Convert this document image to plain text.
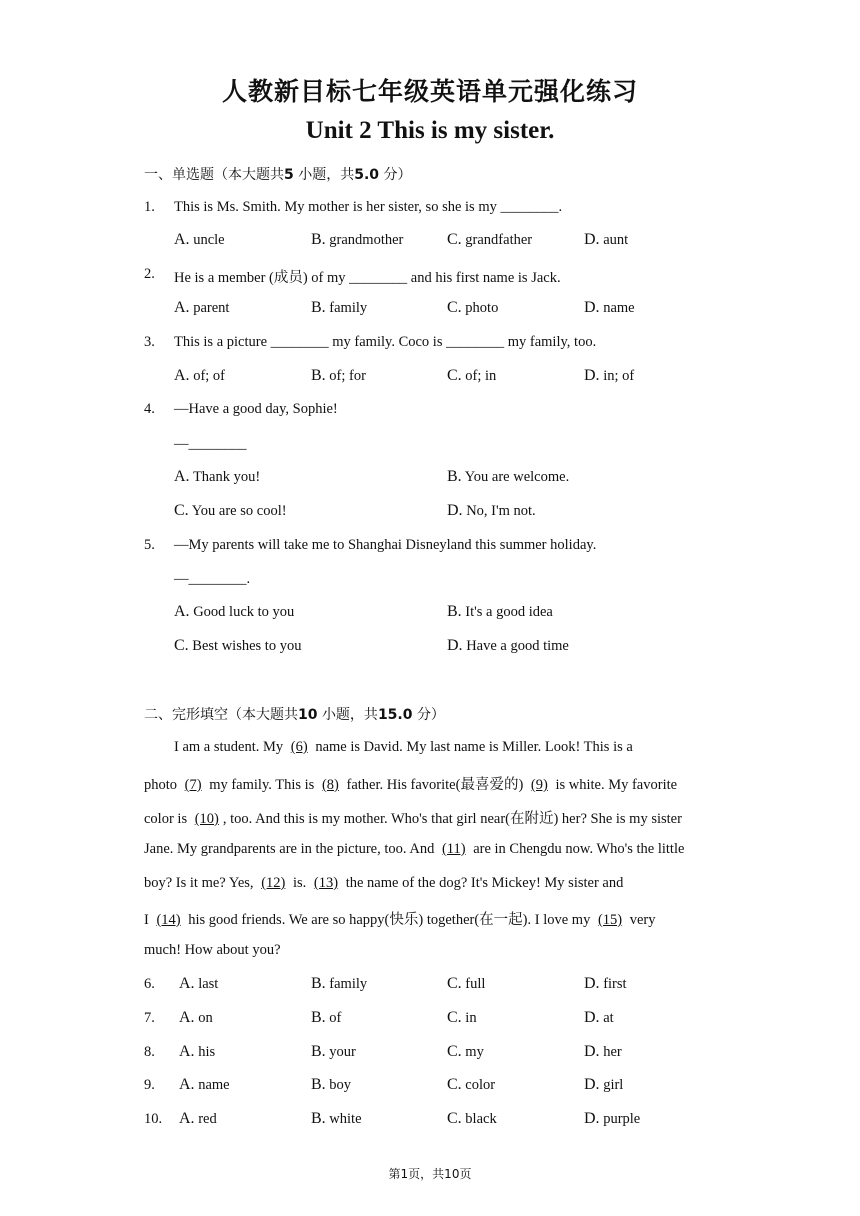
人教新目标七年级英语单元强化练习
Unit 2 This is my sister.
一、单选题（本大题共5 小题，共5.0 分）
1. This is Ms. Smith. My mother is her sister, so she is my ________.
A. uncle	B. grandmother	C. grandfather	D. aunt
2. He is a member (成员) of my ________ and his first name is Jack.
A. parent	B. family	C. photo	D. name
3. This is a picture ________ my family. Coco is ________ my family, too.
A. of; of	B. of; for	C. of; in	D. in; of
4. —Have a good day, Sophie!
—________
A. Thank you!	B. You are welcome.
C. You are so cool!	D. No, I'm not.
5. —My parents will take me to Shanghai Disneyland this summer holiday.
—________.
A. Good luck to you	B. It's a good idea
C. Best wishes to you	D. Have a good time
二、完形填空（本大题共10 小题，共15.0 分）
I am a student. My (6) name is David. My last name is Miller. Look! This is a
photo (7) my family. This is (8) father. His favorite(最喜爱的) (9) is white. My favorite
color is (10) , too. And this is my mother. Who's that girl near(在附近) her? She is my sister
Jane. My grandparents are in the picture, too. And (11) are in Chengdu now. Who's the little
boy? Is it me? Yes, (12) is. (13) the name of the dog? It's Mickey! My sister and
I (14) his good friends. We are so happy(快乐) together(在一起). I love my (15) very
much! How about you?
6. A. last	B. family	C. full	D. first
7. A. on	B. of	C. in	D. at
8. A. his	B. your	C. my	D. her
9. A. name	B. boy	C. color	D. girl
10. A. red	B. white	C. black	D. purple
第1页，共10页
